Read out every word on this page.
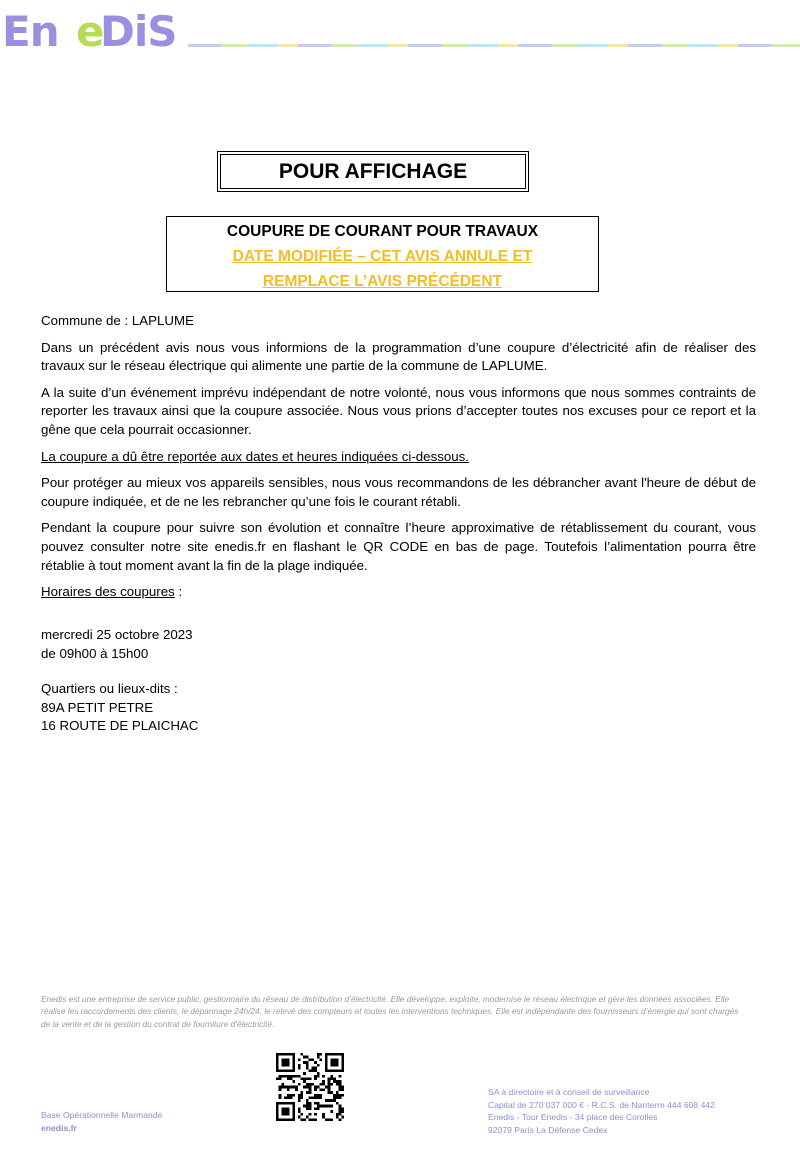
En e
DiS
POUR AFFICHAGE
COUPURE DE COURANT POUR TRAVAUX
DATE MODIFIÉE – CET AVIS ANNULE ET
REMPLACE L’AVIS PRÉCÉDENT

Commune de : LAPLUME

Dans un précédent avis nous vous informions de la programmation d’une coupure d’électricité afin de réaliser des travaux sur le réseau électrique qui alimente une partie de la commune de LAPLUME.

A la suite d’un événement imprévu indépendant de notre volonté, nous vous informons que nous sommes contraints de reporter les travaux ainsi que la coupure associée. Nous vous prions d’accepter toutes nos excuses pour ce report et la gêne que cela pourrait occasionner.

La coupure a dû être reportée aux dates et heures indiquées ci-dessous.

Pour protéger au mieux vos appareils sensibles, nous vous recommandons de les débrancher avant l'heure de début de coupure indiquée, et de ne les rebrancher qu’une fois le courant rétabli.

Pendant la coupure pour suivre son évolution et connaître l’heure approximative de rétablissement du courant, vous pouvez consulter notre site enedis.fr en flashant le QR CODE en bas de page. Toutefois l’alimentation pourra être rétablie à tout moment avant la fin de la plage indiquée.

Horaires des coupures :

mercredi 25 octobre 2023
de 09h00 à 15h00
Quartiers ou lieux-dits :
89A PETIT PETRE
16 ROUTE DE PLAICHAC
Enedis est une entreprise de service public, gestionnaire du réseau de distribution d’électricité. Elle développe, exploite, modernise le réseau électrique et gère les données associées. Elle réalise les raccordements des clients, le dépannage 24h/24, le relevé des compteurs et toutes les interventions techniques. Elle est indépendante des fournisseurs d’énergie qui sont chargés de la vente et de la gestion du contrat de fourniture d’électricité.
Base Opérationnelle Marmande
enedis.fr
SA à directoire et à conseil de surveillance
Capital de 270 037 000 € - R.C.S. de Nanterre 444 608 442
Enedis - Tour Enedis - 34 place des Corolles
92079 Paris La Défense Cedex
